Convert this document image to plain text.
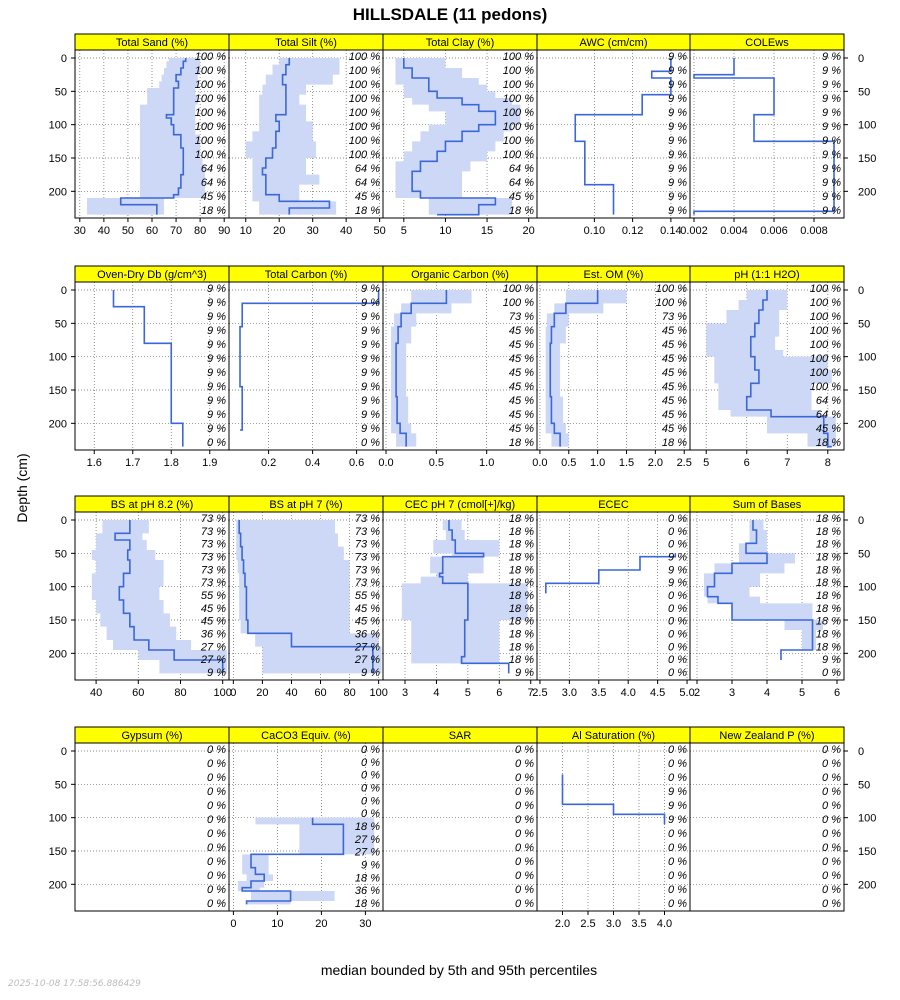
HILLSDALE (11 pedons)
Depth (cm)
median bounded by 5th and 95th percentiles
2025-10-08 17:58:56.886429
Total Sand (%)
100 %
100 %
100 %
100 %
100 %
100 %
100 %
100 %
64 %
64 %
45 %
18 %
30 40 50 60 70 80 90
0
50
100
150
200
Total Silt (%)
100 %
100 %
100 %
100 %
100 %
100 %
100 %
100 %
64 %
64 %
45 %
18 %
10 20 30 40 50
Total Clay (%)
100 %
100 %
100 %
100 %
100 %
100 %
100 %
100 %
64 %
64 %
45 %
18 %
5	10	15	20
AWC (cm/cm)
9 %
9 %
9 %
9 %
9 %
9 %
9 %
9 %
9 %
9 %
9 %
9 %
0.10 0.12 0.14
COLEws
9 %
9 %
9 %
9 %
9 %
9 %
9 %
9 %
9 %
9 %
9 %
9 %
0.002 0.004 0.006 0.008
0
50
100
150
200
Oven-Dry Db (g/cm^3)
9 %
9 %
9 %
9 %
9 %
9 %
9 %
9 %
9 %
9 %
9 %
0 %
1.6 1.7 1.8 1.9
0
50
100
150
200
Total Carbon (%)
9 %
9 %
9 %
9 %
9 %
9 %
9 %
9 %
9 %
9 %
9 %
0 %
0.2	0.4	0.6
Organic Carbon (%)
100 %
100 %
73 %
45 %
45 %
45 %
45 %
45 %
45 %
45 %
45 %
18 %
0.0	0.5	1.0
Est. OM (%)
100 %
100 %
73 %
45 %
45 %
45 %
45 %
45 %
45 %
45 %
45 %
18 %
0.0 0.5 1.0 1.5 2.0 2.5
pH (1:1 H2O)
100 %
100 %
100 %
100 %
100 %
100 %
100 %
100 %
64 %
64 %
45 %
18 %
5	6	7	8
0
50
100
150
200
BS at pH 8.2 (%)
73 %
73 %
73 %
73 %
73 %
73 %
55 %
45 %
45 %
36 %
27 %
27 %
9 %
40	60	80 100
0
50
100
150
200
BS at pH 7 (%)
73 %
73 %
73 %
73 %
73 %
73 %
55 %
45 %
45 %
36 %
27 %
27 %
9 %
0 20 40 60 80 100
CEC pH 7 (cmol[+]/kg)
18 %
18 %
18 %
18 %
18 %
18 %
18 %
18 %
18 %
18 %
18 %
18 %
9 %
3 4 5 6 7
ECEC
0 %
0 %
0 %
9 %
9 %
9 %
0 %
0 %
0 %
0 %
0 %
0 %
0 %
2.5 3.0 3.5 4.0 4.5 5.0
Sum of Bases
18 %
18 %
18 %
18 %
18 %
18 %
18 %
18 %
18 %
18 %
18 %
9 %
0 %
2	3	4	5	6
0
50
100
150
200
Gypsum (%)
0 %
0 %
0 %
0 %
0 %
0 %
0 %
0 %
0 %
0 %
0 %
0 %
0
50
100
150
200
CaCO3 Equiv. (%)
0 %
0 %
0 %
0 %
0 %
0 %
18 %
27 %
27 %
9 %
18 %
36 %
18 %
0	10	20	30
SAR
0 %
0 %
0 %
0 %
0 %
0 %
0 %
0 %
0 %
0 %
0 %
0 %
Al Saturation (%)
0 %
0 %
0 %
9 %
9 %
9 %
0 %
0 %
0 %
0 %
0 %
0 %
2.0 2.5 3.0 3.5 4.0
New Zealand P (%)
0 %
0 %
0 %
0 %
0 %
0 %
0 %
0 %
0 %
0 %
0 %
0 %
0
50
100
150
200
